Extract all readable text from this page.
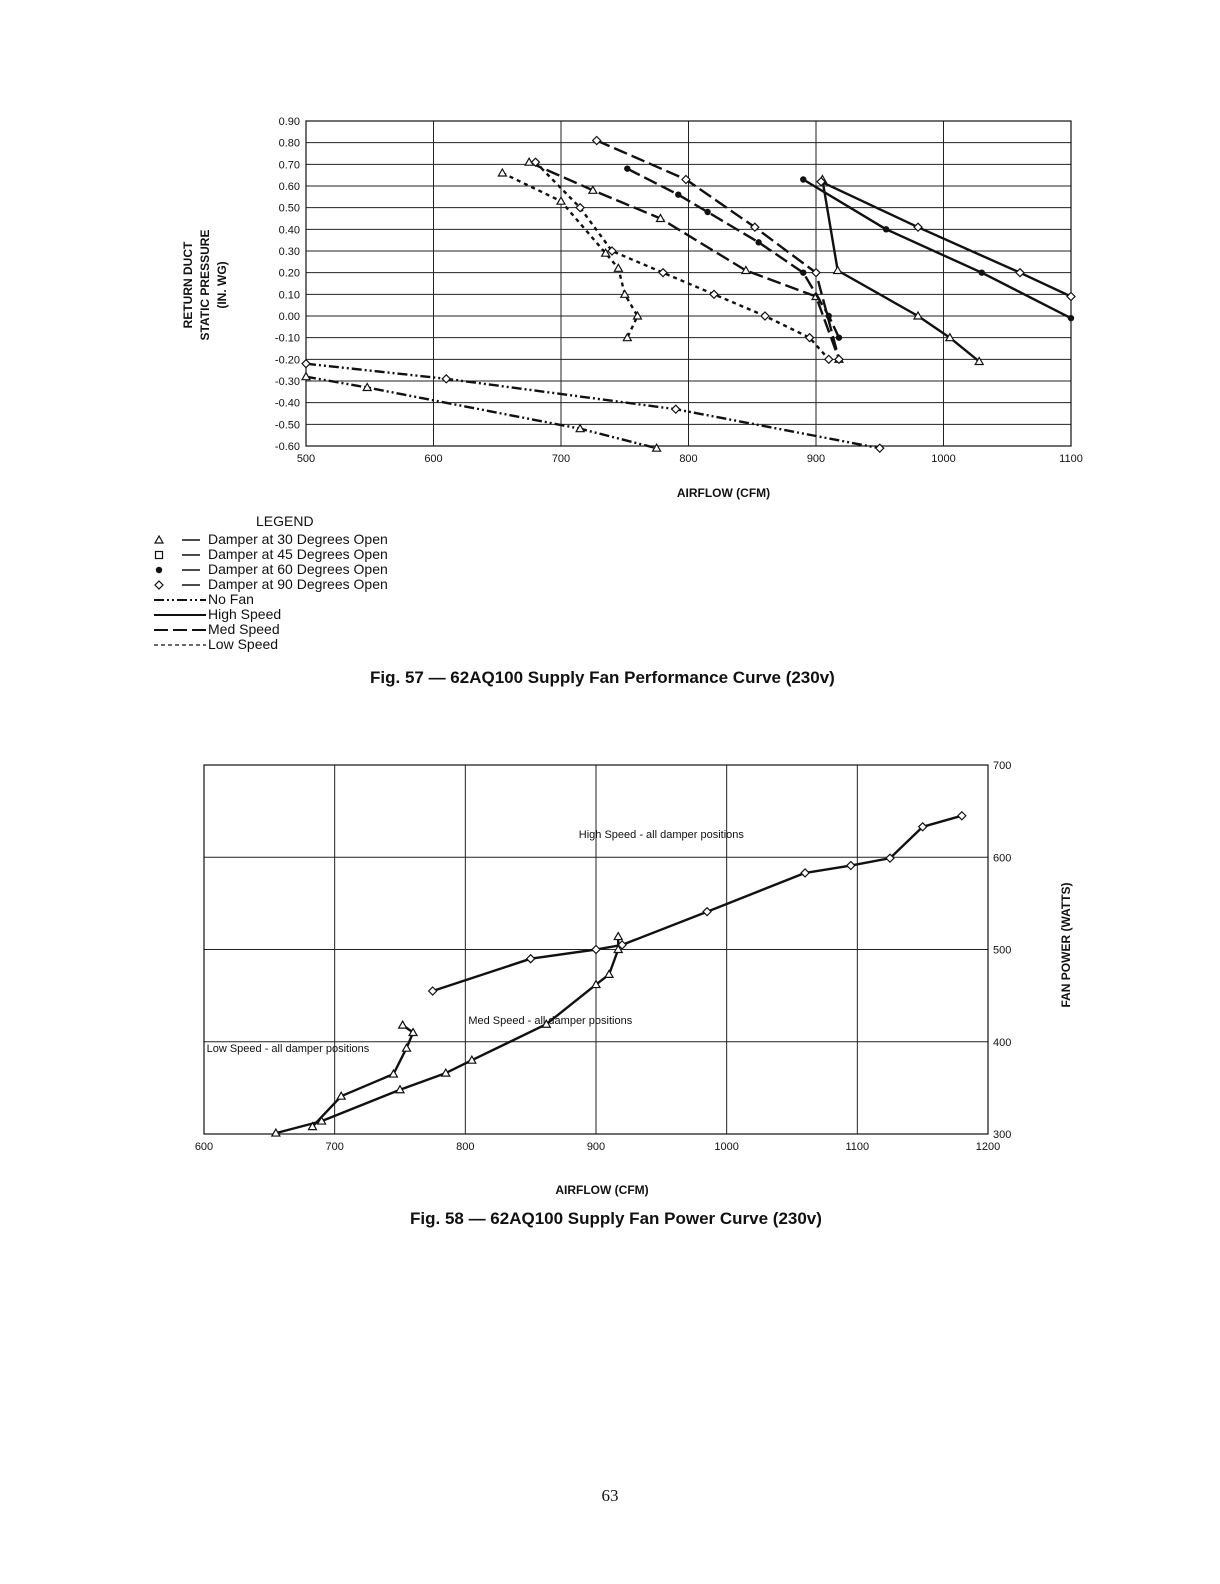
0.90
0.80
0.70
0.60
0.50
0.40
0.30
0.20
0.10
0.00
-0.10
-0.20
-0.30
-0.40
-0.50
-0.60
500	600	700	800	900	1000	1100
AIRFLOW (CFM)
RETURN DUCT STATIC PRESSURE (IN. WG)
300
400
500
600
700
600	700	800	900	1000	1100	1200
AIRFLOW (CFM)
FAN POWER (WATTS)
High Speed - all damper positions
Med Speed - all damper positions
Low Speed - all damper positions
LEGEND
Damper at 30 Degrees Open
Damper at 45 Degrees Open
Damper at 60 Degrees Open
Damper at 90 Degrees Open
No Fan
High Speed
Med Speed
Low Speed
Fig. 57 — 62AQ100 Supply Fan Performance Curve (230v)
Fig. 58 — 62AQ100 Supply Fan Power Curve (230v)
63
